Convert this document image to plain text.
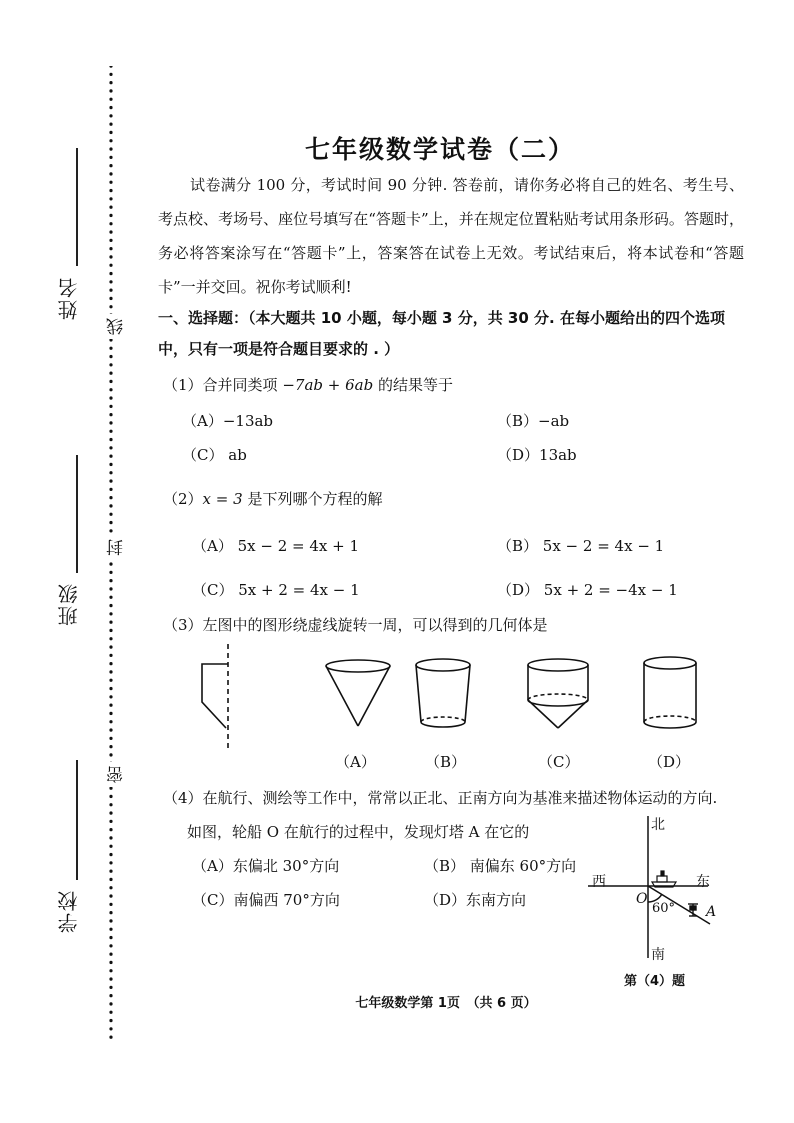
姓名
班级
学校
线
封
密
七年级数学试卷（二）
试卷满分 100 分，考试时间 90 分钟. 答卷前，请你务必将自己的姓名、考生号、考点校、考场号、座位号填写在“答题卡”上，并在规定位置粘贴考试用条形码。答题时，务必将答案涂写在“答题卡”上，答案答在试卷上无效。考试结束后，将本试卷和“答题卡”一并交回。祝你考试顺利!
一、选择题：（本大题共 10 小题，每小题 3 分，共 30 分. 在每小题给出的四个选项中，只有一项是符合题目要求的 . ）
（1）合并同类项 −7ab + 6ab 的结果等于
（A）−13ab	（B）−ab
（C） ab	（D）13ab
（2）x = 3 是下列哪个方程的解
（A） 5x − 2 = 4x + 1	（B） 5x − 2 = 4x − 1
（C） 5x + 2 = 4x − 1	（D） 5x + 2 = −4x − 1
（3）左图中的图形绕虚线旋转一周，可以得到的几何体是
（A）	（B）	（C）	（D）
（4）在航行、测绘等工作中，常常以正北、正南方向为基准来描述物体运动的方向.
如图，轮船 O 在航行的过程中，发现灯塔 A 在它的
（A）东偏北 30°方向	（B） 南偏东 60°方向
（C）南偏西 70°方向	（D）东南方向
北
西	东
南
O
60° A
第（4）题
七年级数学第 1页　（共 6 页）
